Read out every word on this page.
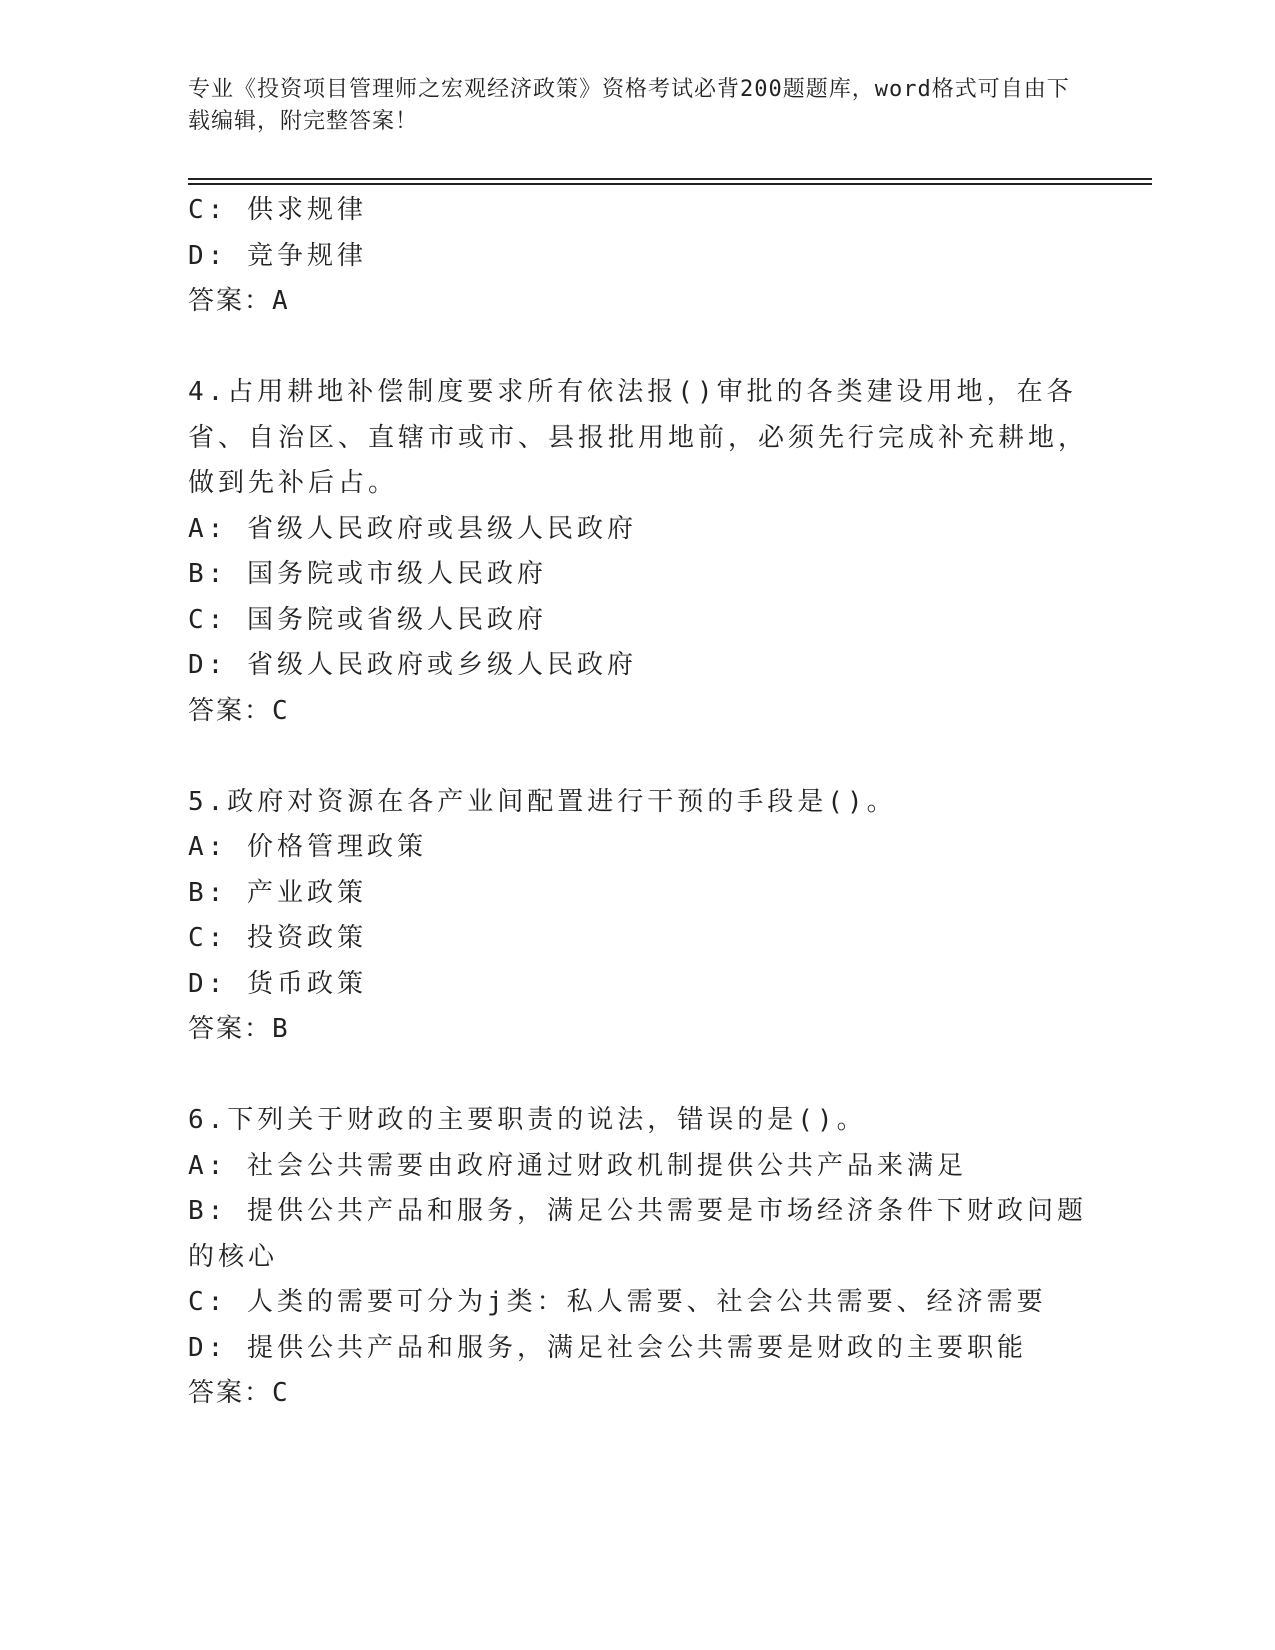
专业《投资项目管理师之宏观经济政策》资格考试必背200题题库，word格式可自由下载编辑，附完整答案！
C: 供求规律
D: 竞争规律
答案：A
4.占用耕地补偿制度要求所有依法报()审批的各类建设用地，在各省、自治区、直辖市或市、县报批用地前，必须先行完成补充耕地，做到先补后占。
A: 省级人民政府或县级人民政府
B: 国务院或市级人民政府
C: 国务院或省级人民政府
D: 省级人民政府或乡级人民政府
答案：C
5.政府对资源在各产业间配置进行干预的手段是()。
A: 价格管理政策
B: 产业政策
C: 投资政策
D: 货币政策
答案：B
6.下列关于财政的主要职责的说法，错误的是()。
A: 社会公共需要由政府通过财政机制提供公共产品来满足
B: 提供公共产品和服务，满足公共需要是市场经济条件下财政问题的核心
C: 人类的需要可分为j类：私人需要、社会公共需要、经济需要
D: 提供公共产品和服务，满足社会公共需要是财政的主要职能
答案：C
